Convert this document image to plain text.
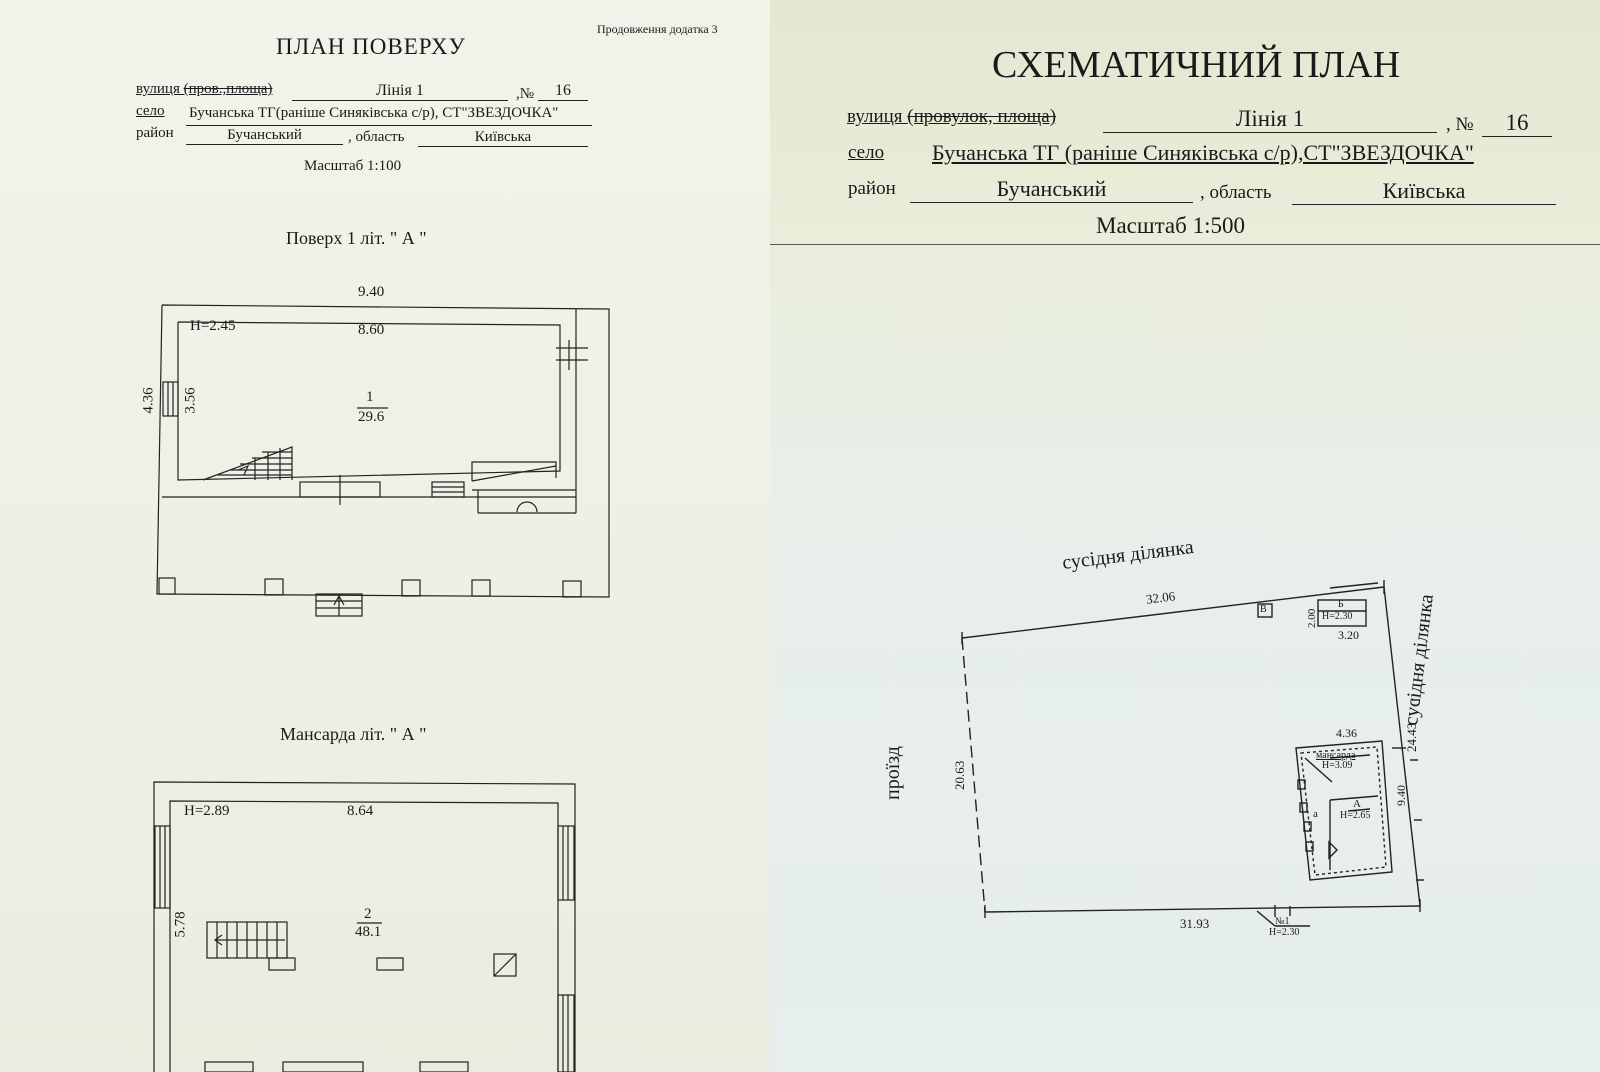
Продовження додатка 3
ПЛАН ПОВЕРХУ
вулиця (пров.,площа)	Лінія 1	,№	16
село Бучанська ТГ(раніше Синяківська с/р), СТ"ЗВЕЗДОЧКА"
район	Бучанський	, область	Київська
Масштаб 1:100
Поверх 1 літ. " А "
9.40
8.60
H=2.45
4.36 3.56	1
29.6
Мансарда літ. " А "
H=2.89	8.64
5.78	2
48.1
СХЕМАТИЧНИЙ ПЛАН
вулиця (провулок, площа)	Лінія 1	, №	16
село Бучанська ТГ (раніше Синяківська с/р),СТ"ЗВЕЗДОЧКА"
район	Бучанський	, область	Київська
Масштаб 1:500
сусідня ділянка
сусідня ділянка
проїзд
32.06
31.93
20.63
24.43
В	Б
H=2.30
2.00
3.20
4.36
9.40
мансарда
H=3.09
А
H=2.65
а
№1
H=2.30
